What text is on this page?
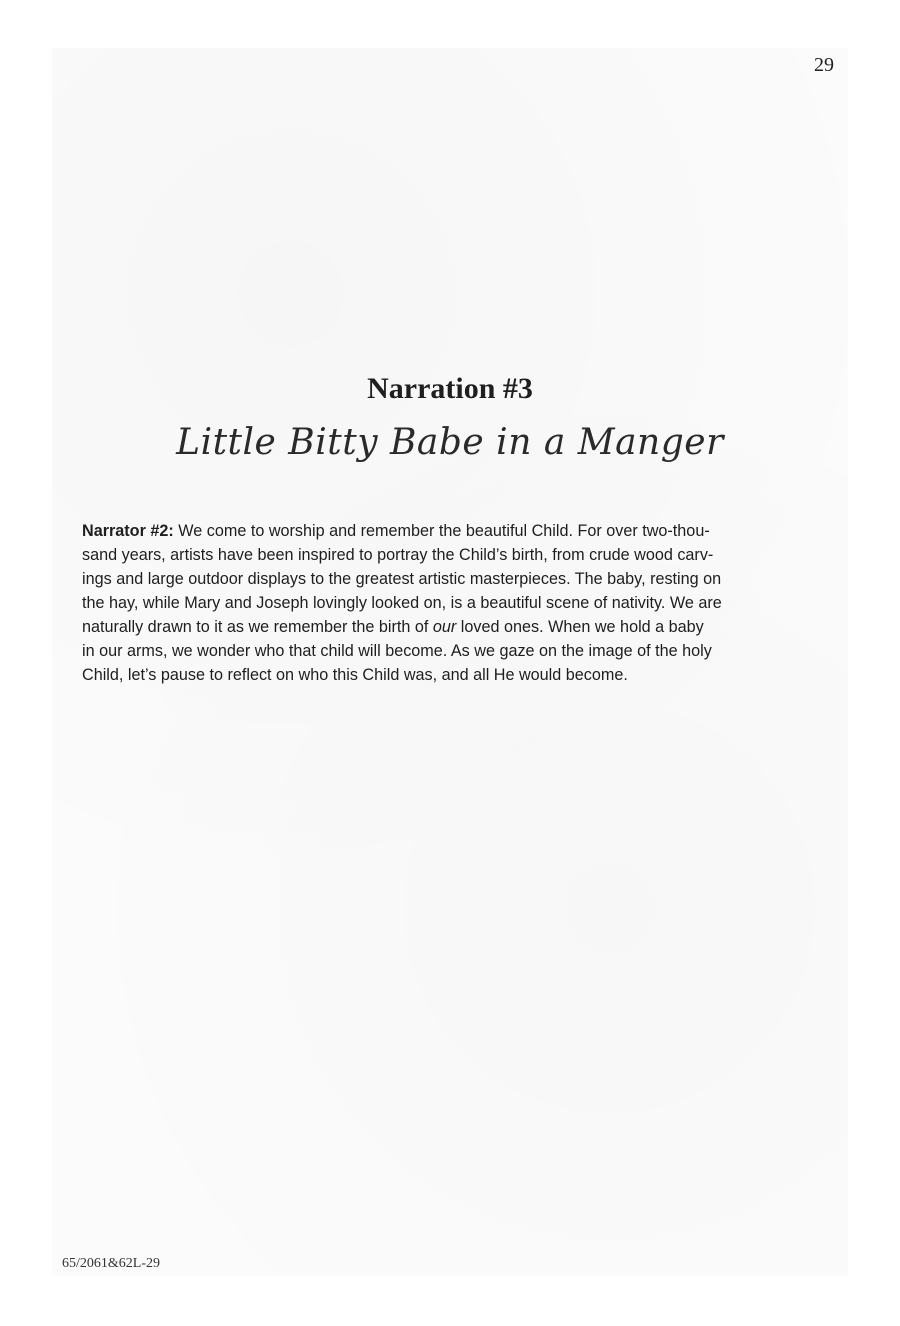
29
Narration #3
Little Bitty Babe in a Manger
Narrator #2: We come to worship and remember the beautiful Child. For over two-thou-
sand years, artists have been inspired to portray the Child’s birth, from crude wood carv-
ings and large outdoor displays to the greatest artistic masterpieces. The baby, resting on
the hay, while Mary and Joseph lovingly looked on, is a beautiful scene of nativity. We are
naturally drawn to it as we remember the birth of our loved ones. When we hold a baby
in our arms, we wonder who that child will become. As we gaze on the image of the holy
Child, let’s pause to reflect on who this Child was, and all He would become.
65/2061&62L-29
